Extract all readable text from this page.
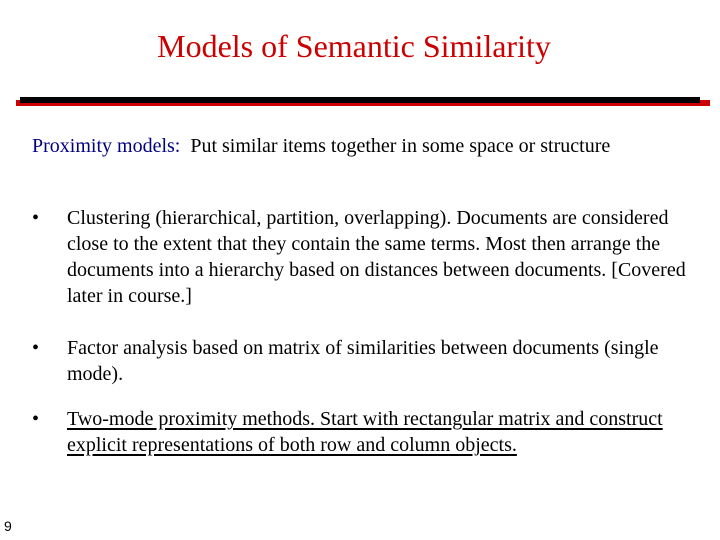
Models of Semantic Similarity
Proximity models: Put similar items together in some space or structure
• Clustering (hierarchical, partition, overlapping). Documents are considered close to the extent that they contain the same terms. Most then arrange the documents into a hierarchy based on distances between documents. [Covered later in course.]
• Factor analysis based on matrix of similarities between documents (single mode).
• Two-mode proximity methods. Start with rectangular matrix and construct explicit representations of both row and column objects.
9
